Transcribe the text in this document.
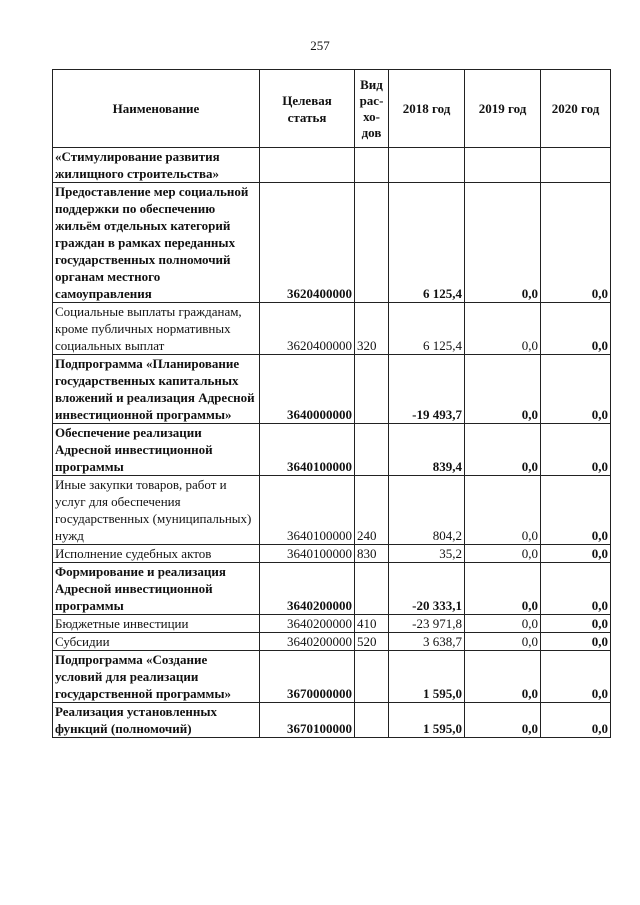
257
Наименование	Целевая статья	Вид
рас-
хо-
дов	2018 год	2019 год	2020 год
«Стимулирование развития жилищного строительства»					
Предоставление мер социальной поддержки по обеспечению жильём отдельных категорий граждан в рамках переданных государственных полномочий органам местного самоуправления	3620400000		6 125,4	0,0	0,0
Социальные выплаты гражданам, кроме публичных нормативных социальных выплат	3620400000	320	6 125,4	0,0	0,0
Подпрограмма «Планирование государственных капитальных вложений и реализация Адресной инвестиционной программы»	3640000000		-19 493,7	0,0	0,0
Обеспечение реализации Адресной инвестиционной программы	3640100000		839,4	0,0	0,0
Иные закупки товаров, работ и услуг для обеспечения государственных (муниципальных) нужд	3640100000	240	804,2	0,0	0,0
Исполнение судебных актов	3640100000	830	35,2	0,0	0,0
Формирование и реализация Адресной инвестиционной программы	3640200000		-20 333,1	0,0	0,0
Бюджетные инвестиции	3640200000	410	-23 971,8	0,0	0,0
Субсидии	3640200000	520	3 638,7	0,0	0,0
Подпрограмма «Создание условий для реализации государственной программы»	3670000000		1 595,0	0,0	0,0
Реализация установленных функций (полномочий)	3670100000		1 595,0	0,0	0,0
